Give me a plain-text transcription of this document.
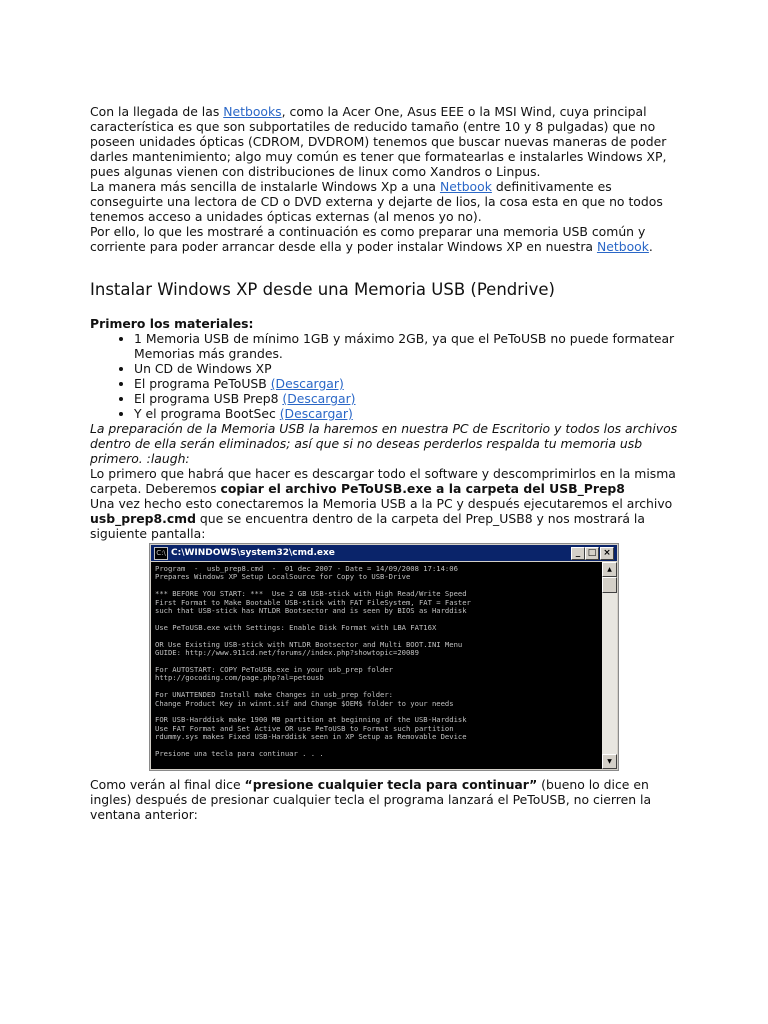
Con la llegada de las Netbooks, como la Acer One, Asus EEE o la MSI Wind, cuya principal característica es que son subportatiles de reducido tamaño (entre 10 y 8 pulgadas) que no poseen unidades ópticas (CDROM, DVDROM) tenemos que buscar nuevas maneras de poder darles mantenimiento; algo muy común es tener que formatearlas e instalarles Windows XP, pues algunas vienen con distribuciones de linux como Xandros o Linpus.

La manera más sencilla de instalarle Windows Xp a una Netbook definitivamente es conseguirte una lectora de CD o DVD externa y dejarte de lios, la cosa esta en que no todos tenemos acceso a unidades ópticas externas (al menos yo no).

Por ello, lo que les mostraré a continuación es como preparar una memoria USB común y corriente para poder arrancar desde ella y poder instalar Windows XP en nuestra Netbook.

Instalar Windows XP desde una Memoria USB (Pendrive)

Primero los materiales:

• 1 Memoria USB de mínimo 1GB y máximo 2GB, ya que el PeToUSB no puede formatear Memorias más grandes.
• Un CD de Windows XP
• El programa PeToUSB (Descargar)
• El programa USB Prep8 (Descargar)
• Y el programa BootSec (Descargar)

La preparación de la Memoria USB la haremos en nuestra PC de Escritorio y todos los archivos dentro de ella serán eliminados; así que si no deseas perderlos respalda tu memoria usb primero. :laugh:

Lo primero que habrá que hacer es descargar todo el software y descomprimirlos en la misma carpeta. Deberemos copiar el archivo PeToUSB.exe a la carpeta del USB_Prep8

Una vez hecho esto conectaremos la Memoria USB a la PC y después ejecutaremos el archivo usb_prep8.cmd que se encuentra dentro de la carpeta del Prep_USB8 y nos mostrará la siguiente pantalla:

C:\ C:\WINDOWS\system32\cmd.exe	_ □ ×
Program  -  usb_prep8.cmd  -  01 dec 2007 - Date = 14/09/2008 17:14:06
Prepares Windows XP Setup LocalSource for Copy to USB-Drive

*** BEFORE YOU START: ***  Use 2 GB USB-stick with High Read/Write Speed
First Format to Make Bootable USB-stick with FAT FileSystem, FAT = Faster
such that USB-stick has NTLDR Bootsector and is seen by BIOS as Harddisk

Use PeToUSB.exe with Settings: Enable Disk Format with LBA FAT16X

OR Use Existing USB-stick with NTLDR Bootsector and Multi BOOT.INI Menu
GUIDE: http://www.911cd.net/forums//index.php?showtopic=20089

For AUTOSTART: COPY PeToUSB.exe in your usb_prep folder
http://gocoding.com/page.php?al=petousb

For UNATTENDED Install make Changes in usb_prep folder:
Change Product Key in winnt.sif and Change $OEM$ folder to your needs

FOR USB-Harddisk make 1900 MB partition at beginning of the USB-Harddisk
Use FAT Format and Set Active OR use PeToUSB to Format such partition
rdummy.sys makes Fixed USB-Harddisk seen in XP Setup as Removable Device

Presione una tecla para continuar . . .
▲
▼

Como verán al final dice “presione cualquier tecla para continuar” (bueno lo dice en ingles) después de presionar cualquier tecla el programa lanzará el PeToUSB, no cierren la ventana anterior:
